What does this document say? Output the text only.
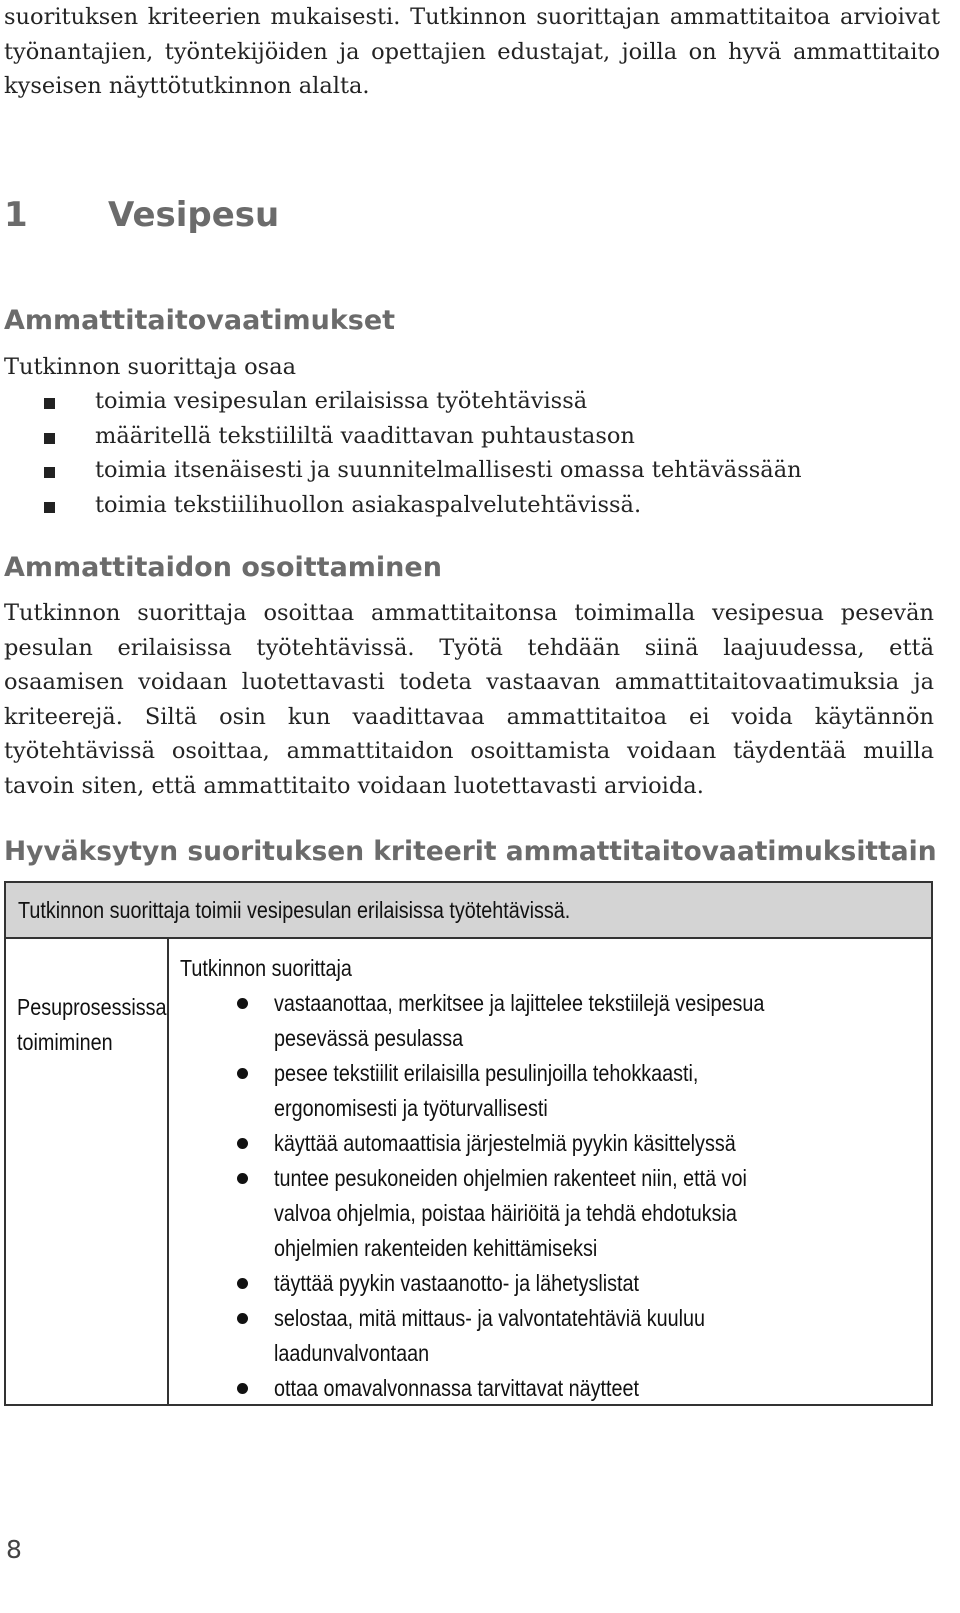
suorituksen kriteerien mukaisesti. Tutkinnon suorittajan ammattitaitoa arvioivat työnantajien, työntekijöiden ja opettajien edustajat, joilla on hyvä ammattitaito kyseisen näyttötutkinnon alalta.

1	Vesipesu
Ammattitaitovaatimukset

Tutkinnon suorittaja osaa

toimia vesipesulan erilaisissa työtehtävissä
määritellä tekstiililtä vaadittavan puhtaustason
toimia itsenäisesti ja suunnitelmallisesti omassa tehtävässään
toimia tekstiilihuollon asiakaspalvelutehtävissä.
Ammattitaidon osoittaminen

Tutkinnon suorittaja osoittaa ammattitaitonsa toimimalla vesipesua pesevän pesulan erilaisissa työtehtävissä. Työtä tehdään siinä laajuudessa, että osaamisen voidaan luotettavasti todeta vastaavan ammattitaitovaatimuksia ja kriteerejä. Siltä osin kun vaadittavaa ammattitaitoa ei voida käytännön työtehtävissä osoittaa, ammattitaidon osoittamista voidaan täydentää muilla tavoin siten, että ammattitaito voidaan luotettavasti arvioida.

Hyväksytyn suorituksen kriteerit ammattitaitovaatimuksittain
Tutkinnon suorittaja toimii vesipesulan erilaisissa työtehtävissä.
Pesuprosessissa toimiminen
Tutkinnon suorittaja
vastaanottaa, merkitsee ja lajittelee tekstiilejä vesipesua pesevässä pesulassa
pesee tekstiilit erilaisilla pesulinjoilla tehokkaasti, ergonomisesti ja työturvallisesti
käyttää automaattisia järjestelmiä pyykin käsittelyssä
tuntee pesukoneiden ohjelmien rakenteet niin, että voi valvoa ohjelmia, poistaa häiriöitä ja tehdä ehdotuksia ohjelmien rakenteiden kehittämiseksi
täyttää pyykin vastaanotto- ja lähetyslistat
selostaa, mitä mittaus- ja valvontatehtäviä kuuluu laadunvalvontaan
ottaa omavalvonnassa tarvittavat näytteet
8
